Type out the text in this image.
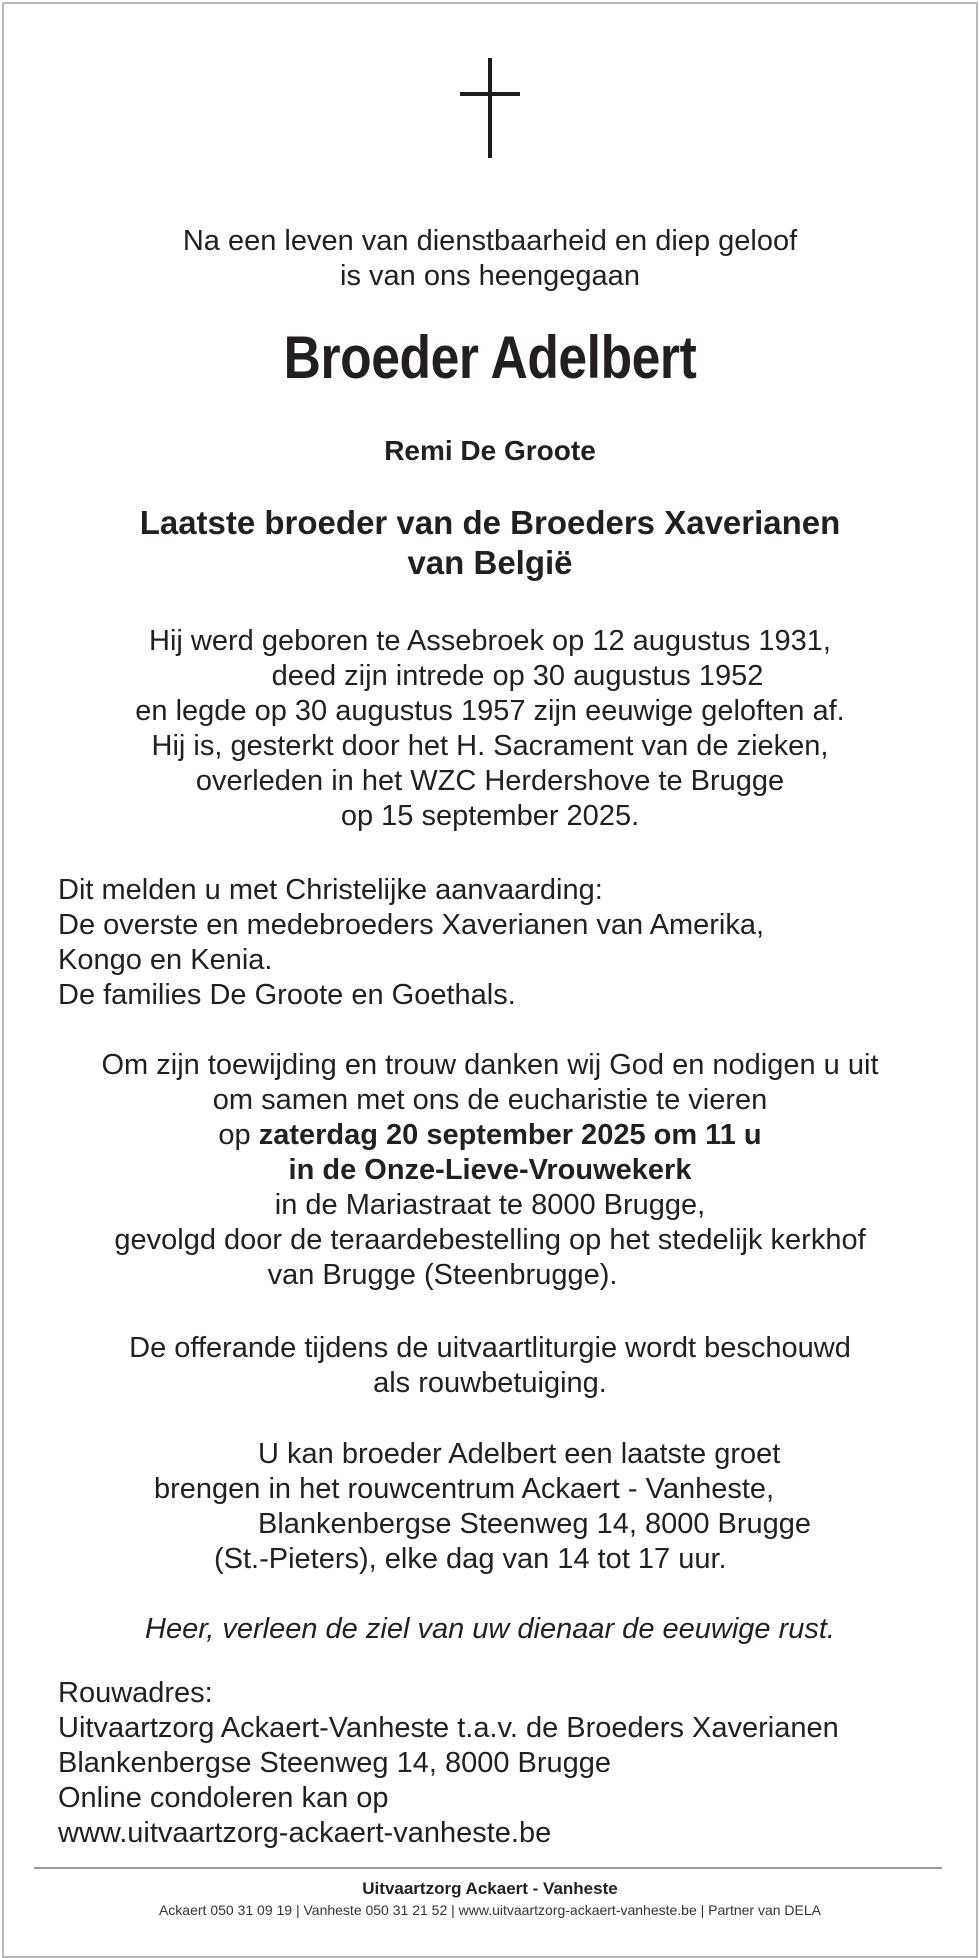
Na een leven van dienstbaarheid en diep geloof

is van ons heengegaan

Broeder Adelbert
Remi De Groote

Laatste broeder van de Broeders Xaverianen

van België

Hij werd geboren te Assebroek op 12 augustus 1931,

deed zijn intrede op 30 augustus 1952

en legde op 30 augustus 1957 zijn eeuwige geloften af.

Hij is, gesterkt door het H. Sacrament van de zieken,

overleden in het WZC Herdershove te Brugge

op 15 september 2025.

Dit melden u met Christelijke aanvaarding:

De overste en medebroeders Xaverianen van Amerika,

Kongo en Kenia.

De families De Groote en Goethals.

Om zijn toewijding en trouw danken wij God en nodigen u uit

om samen met ons de eucharistie te vieren

op zaterdag 20 september 2025 om 11 u

in de Onze-Lieve-Vrouwekerk

in de Mariastraat te 8000 Brugge,

gevolgd door de teraardebestelling op het stedelijk kerkhof

van Brugge (Steenbrugge).

De offerande tijdens de uitvaartliturgie wordt beschouwd

als rouwbetuiging.

U kan broeder Adelbert een laatste groet

brengen in het rouwcentrum Ackaert - Vanheste,

Blankenbergse Steenweg 14, 8000 Brugge

(St.-Pieters), elke dag van 14 tot 17 uur.

Heer, verleen de ziel van uw dienaar de eeuwige rust.

Rouwadres:

Uitvaartzorg Ackaert-Vanheste t.a.v. de Broeders Xaverianen

Blankenbergse Steenweg 14, 8000 Brugge

Online condoleren kan op

www.uitvaartzorg-ackaert-vanheste.be

Uitvaartzorg Ackaert - Vanheste
Ackaert 050 31 09 19 | Vanheste 050 31 21 52 | www.uitvaartzorg-ackaert-vanheste.be | Partner van DELA
